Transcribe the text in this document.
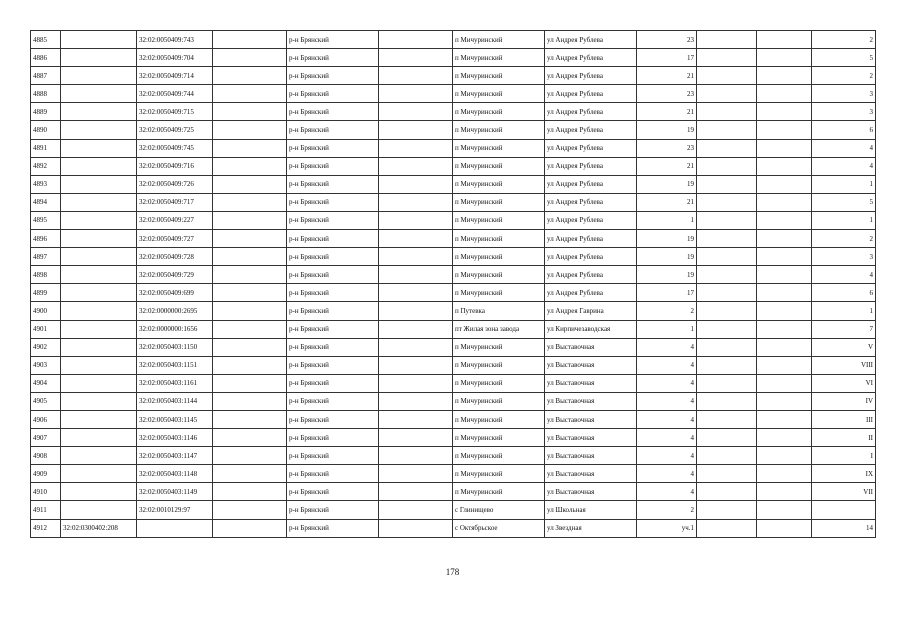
4885		32:02:0050409:743		р-н Брянский		п Мичуринский	ул Андрея Рублева	23			2
4886		32:02:0050409:704		р-н Брянский		п Мичуринский	ул Андрея Рублева	17			5
4887		32:02:0050409:714		р-н Брянский		п Мичуринский	ул Андрея Рублева	21			2
4888		32:02:0050409:744		р-н Брянский		п Мичуринский	ул Андрея Рублева	23			3
4889		32:02:0050409:715		р-н Брянский		п Мичуринский	ул Андрея Рублева	21			3
4890		32:02:0050409:725		р-н Брянский		п Мичуринский	ул Андрея Рублева	19			6
4891		32:02:0050409:745		р-н Брянский		п Мичуринский	ул Андрея Рублева	23			4
4892		32:02:0050409:716		р-н Брянский		п Мичуринский	ул Андрея Рублева	21			4
4893		32:02:0050409:726		р-н Брянский		п Мичуринский	ул Андрея Рублева	19			1
4894		32:02:0050409:717		р-н Брянский		п Мичуринский	ул Андрея Рублева	21			5
4895		32:02:0050409:227		р-н Брянский		п Мичуринский	ул Андрея Рублева	1			1
4896		32:02:0050409:727		р-н Брянский		п Мичуринский	ул Андрея Рублева	19			2
4897		32:02:0050409:728		р-н Брянский		п Мичуринский	ул Андрея Рублева	19			3
4898		32:02:0050409:729		р-н Брянский		п Мичуринский	ул Андрея Рублева	19			4
4899		32:02:0050409:699		р-н Брянский		п Мичуринский	ул Андрея Рублева	17			6
4900		32:02:0000000:2695		р-н Брянский		п Путевка	ул Андрея Гаврина	2			1
4901		32:02:0000000:1656		р-н Брянский		пт Жилая зона завода	ул Кирпичезаводская	1			7
4902		32:02:0050403:1150		р-н Брянский		п Мичуринский	ул Выставочная	4			V
4903		32:02:0050403:1151		р-н Брянский		п Мичуринский	ул Выставочная	4			VIII
4904		32:02:0050403:1161		р-н Брянский		п Мичуринский	ул Выставочная	4			VI
4905		32:02:0050403:1144		р-н Брянский		п Мичуринский	ул Выставочная	4			IV
4906		32:02:0050403:1145		р-н Брянский		п Мичуринский	ул Выставочная	4			III
4907		32:02:0050403:1146		р-н Брянский		п Мичуринский	ул Выставочная	4			II
4908		32:02:0050403:1147		р-н Брянский		п Мичуринский	ул Выставочная	4			I
4909		32:02:0050403:1148		р-н Брянский		п Мичуринский	ул Выставочная	4			IX
4910		32:02:0050403:1149		р-н Брянский		п Мичуринский	ул Выставочная	4			VII
4911		32:02:0010129:97		р-н Брянский		с Глинищево	ул Школьная	2			
4912	32:02:0300402:208			р-н Брянский		с Октябрьское	ул Звездная	уч.1			14
178
